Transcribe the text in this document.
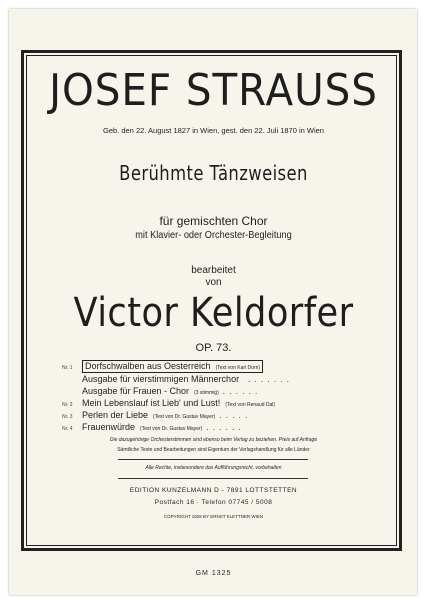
JOSEF STRAUSS
Geb. den 22. August 1827 in Wien, gest. den 22. Juli 1870 in Wien
Berühmte Tänzweisen
für gemischten Chor
mit Klavier- oder Orchester-Begleitung
bearbeitet
von
Victor Keldorfer
OP. 73.
Nr. 1	Dorfschwalben aus Oesterreich (Text von Karl Dorn)
Ausgabe für vierstimmigen Männerchor . . . . . . .
Ausgabe für Frauen - Chor (3 stimmig) . . . . . .
Nr. 2	Mein Lebenslauf ist Lieb' und Lust! (Text von Renaud Dal)
Nr. 3	Perlen der Liebe (Text von Dr. Gustav Mayer) . . . . .
Nr. 4	Frauenwürde (Text von Dr. Gustav Mayer) . . . . . .
Die dazugehörige Orchesterstimmen sind ebenso beim Verlag zu beziehen. Preis auf Anfrage
Sämtliche Texte und Bearbeitungen sind Eigentum der Verlagshandlung für alle Länder
Alle Rechte, insbesondere das Aufführungsrecht, vorbehalten
EDITION KUNZELMANN D - 7891 LOTTSTETTEN
Postfach 16 · Telefon 07745 / 5008
COPYRIGHT 1928 BY ERNST KLETTNER WIEN
GM 1325
